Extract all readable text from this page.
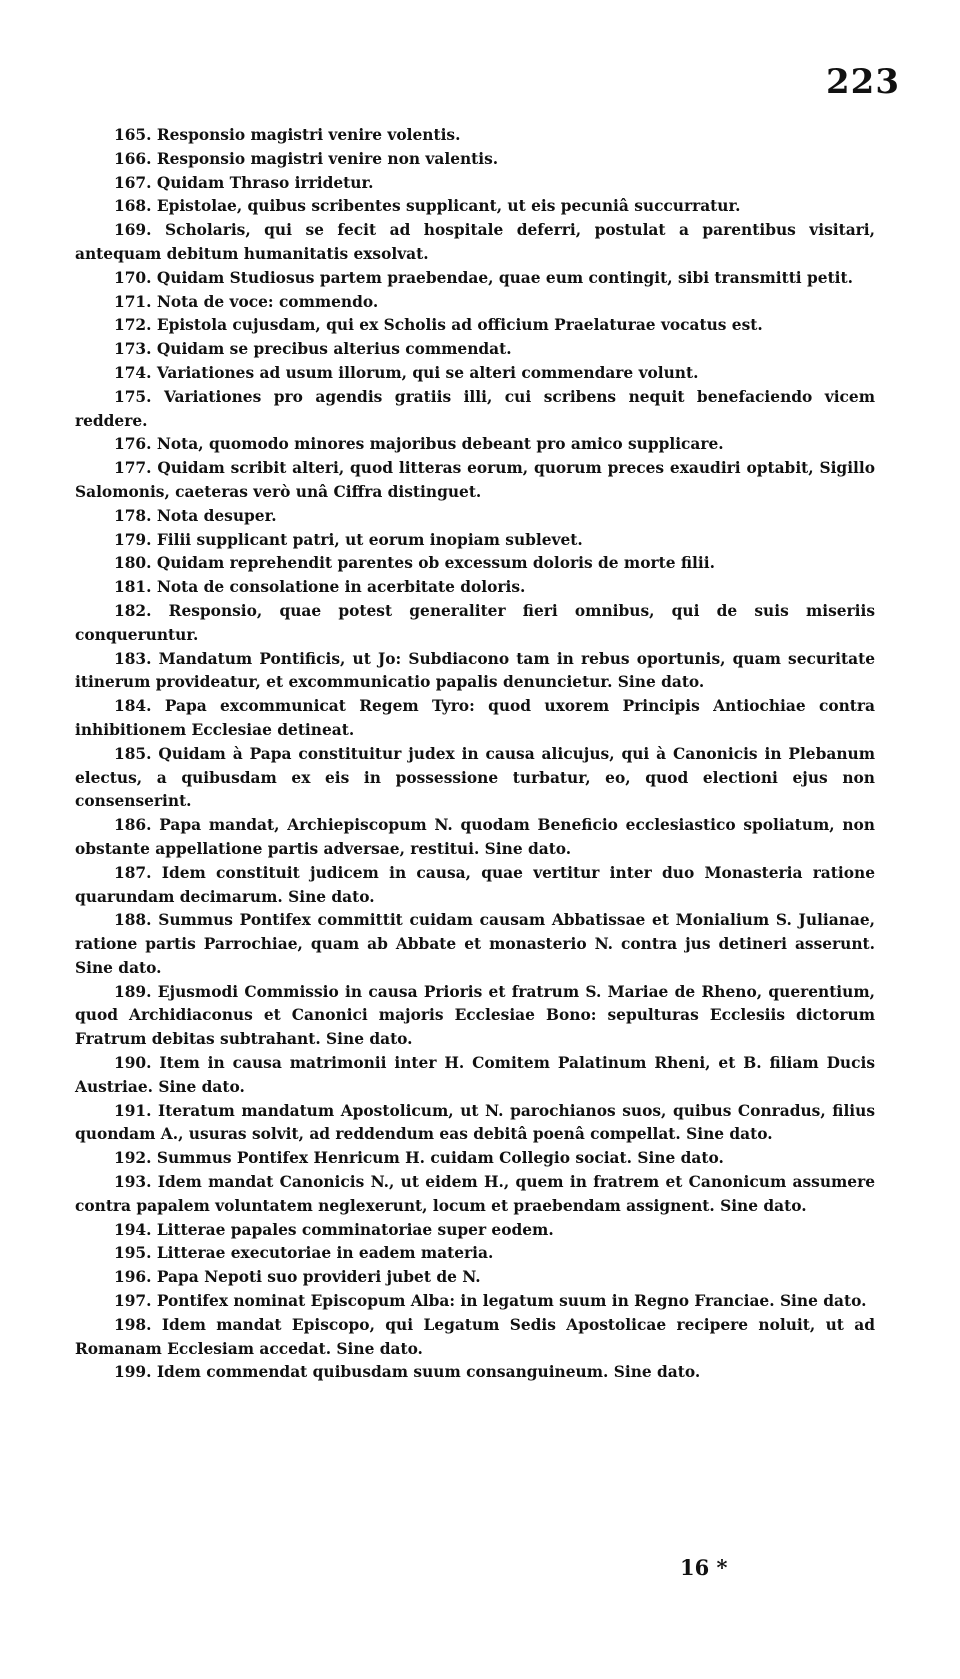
223

165. Responsio magistri venire volentis.

166. Responsio magistri venire non valentis.

167. Quidam Thraso irridetur.

168. Epistolae, quibus scribentes supplicant, ut eis pecuniâ succurratur.

169. Scholaris, qui se fecit ad hospitale deferri, postulat a parentibus visitari, antequam debitum humanitatis exsolvat.

170. Quidam Studiosus partem praebendae, quae eum contingit, sibi transmitti petit.

171. Nota de voce: commendo.

172. Epistola cujusdam, qui ex Scholis ad officium Praelaturae vocatus est.

173. Quidam se precibus alterius commendat.

174. Variationes ad usum illorum, qui se alteri commendare volunt.

175. Variationes pro agendis gratiis illi, cui scribens nequit benefaciendo vicem reddere.

176. Nota, quomodo minores majoribus debeant pro amico supplicare.

177. Quidam scribit alteri, quod litteras eorum, quorum preces exaudiri optabit, Sigillo Salomonis, caeteras verò unâ Ciffra distinguet.

178. Nota desuper.

179. Filii supplicant patri, ut eorum inopiam sublevet.

180. Quidam reprehendit parentes ob excessum doloris de morte filii.

181. Nota de consolatione in acerbitate doloris.

182. Responsio, quae potest generaliter fieri omnibus, qui de suis miseriis conqueruntur.

183. Mandatum Pontificis, ut Jo: Subdiacono tam in rebus oportunis, quam securitate itinerum provideatur, et excommunicatio papalis denuncietur. Sine dato.

184. Papa excommunicat Regem Tyro: quod uxorem Principis Antiochiae contra inhibitionem Ecclesiae detineat.

185. Quidam à Papa constituitur judex in causa alicujus, qui à Canonicis in Plebanum electus, a quibusdam ex eis in possessione turbatur, eo, quod electioni ejus non consenserint.

186. Papa mandat, Archiepiscopum N. quodam Beneficio ecclesiastico spoliatum, non obstante appellatione partis adversae, restitui. Sine dato.

187. Idem constituit judicem in causa, quae vertitur inter duo Monasteria ratione quarundam decimarum. Sine dato.

188. Summus Pontifex committit cuidam causam Abbatissae et Monialium S. Julianae, ratione partis Parrochiae, quam ab Abbate et monasterio N. contra jus detineri asserunt. Sine dato.

189. Ejusmodi Commissio in causa Prioris et fratrum S. Mariae de Rheno, querentium, quod Archidiaconus et Canonici majoris Ecclesiae Bono: sepulturas Ecclesiis dictorum Fratrum debitas subtrahant. Sine dato.

190. Item in causa matrimonii inter H. Comitem Palatinum Rheni, et B. filiam Ducis Austriae. Sine dato.

191. Iteratum mandatum Apostolicum, ut N. parochianos suos, quibus Conradus, filius quondam A., usuras solvit, ad reddendum eas debitâ poenâ compellat. Sine dato.

192. Summus Pontifex Henricum H. cuidam Collegio sociat. Sine dato.

193. Idem mandat Canonicis N., ut eidem H., quem in fratrem et Canonicum assumere contra papalem voluntatem neglexerunt, locum et praebendam assignent. Sine dato.

194. Litterae papales comminatoriae super eodem.

195. Litterae executoriae in eadem materia.

196. Papa Nepoti suo provideri jubet de N.

197. Pontifex nominat Episcopum Alba: in legatum suum in Regno Franciae. Sine dato.

198. Idem mandat Episcopo, qui Legatum Sedis Apostolicae recipere noluit, ut ad Romanam Ecclesiam accedat. Sine dato.

199. Idem commendat quibusdam suum consanguineum. Sine dato.

16 *
